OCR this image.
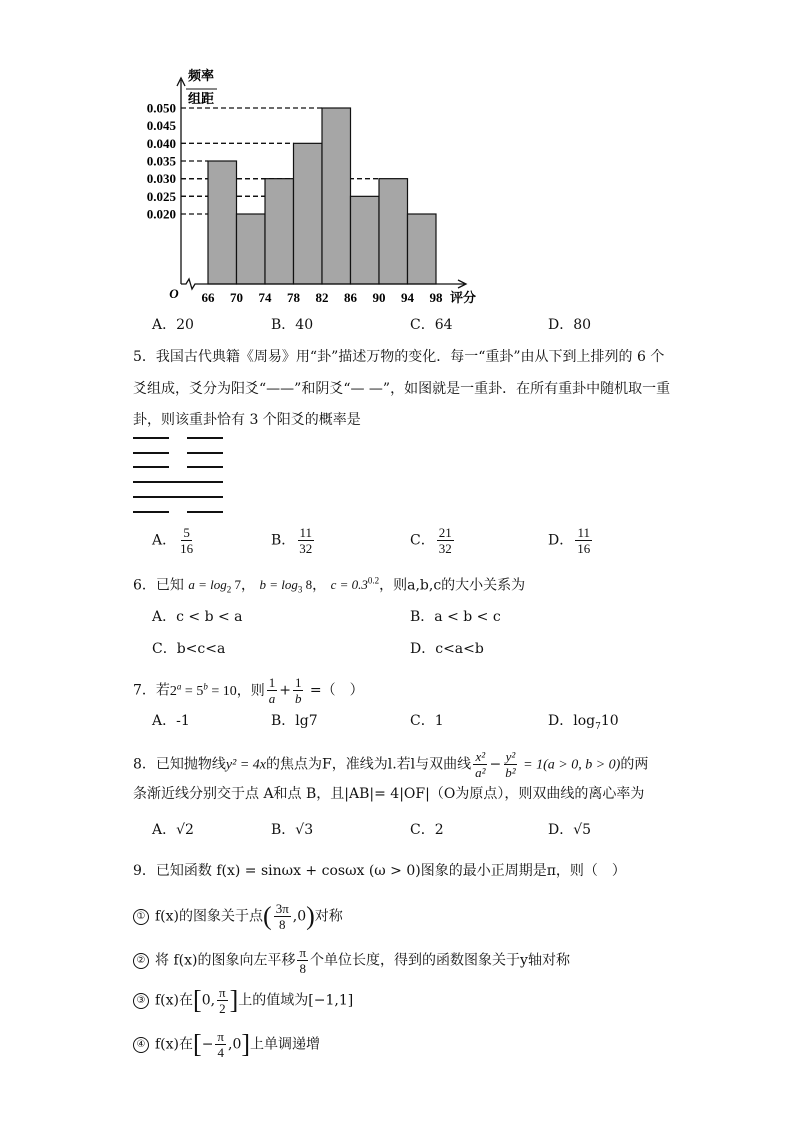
频率
组距
0.050
0.045
0.040
0.035
0.030
0.025
0.020
66 70 74 78 82 86 90 94 98
O	评分
A．20	B．40	C．64	D．80
5．我国古代典籍《周易》用“卦”描述万物的变化．每一“重卦”由从下到上排列的 6 个
爻组成，爻分为阳爻“——”和阴爻“— —”，如图就是一重卦．在所有重卦中随机取一重
卦，则该重卦恰有 3 个阳爻的概率是
A． $\frac{5}{16}$	B． $\frac{11}{32}$	C． $\frac{21}{32}$	D． $\frac{11}{16}$
6．已知 $a = \log_2 7$， $b = \log_3 8$， $c = 0.3^{0.2}$，则a,b,c的大小关系为
A．c < b < a	B．a < b < c
C．b<c<a	D．c<a<b
7．若$2^a = 5^b = 10$，则 $\frac{1}{a} + \frac{1}{b}$ =（　）
A．-1	B．lg7	C．1	D．$\log_710$
8．已知抛物线y² = 4x的焦点为F，准线为l.若l与双曲线 $\frac{\text{x²}}{\text{a²}} - \frac{\text{y²}}{\text{b²}} = 1(a > 0$, b > 0)的两
条渐近线分别交于点 A和点 B，且|AB|= 4|OF|（O为原点），则双曲线的离心率为
A．√2	B．√3	C．2	D．√5
9．已知函数 f(x) = sinωx + cosωx (ω > 0)图象的最小正周期是π，则（　）
① f(x)的图象关于点( $\frac{3\pi}{8} ,0$)对称
② 将 f(x)的图象向左平移 $\frac{\pi}{8}$ 个单位长度，得到的函数图象关于y轴对称
③ f(x)在[0, $\frac{\pi}{2}$ ]上的值域为[−1,1]
④ f(x)在[− $\frac{\pi}{4} ,0$]上单调递增
